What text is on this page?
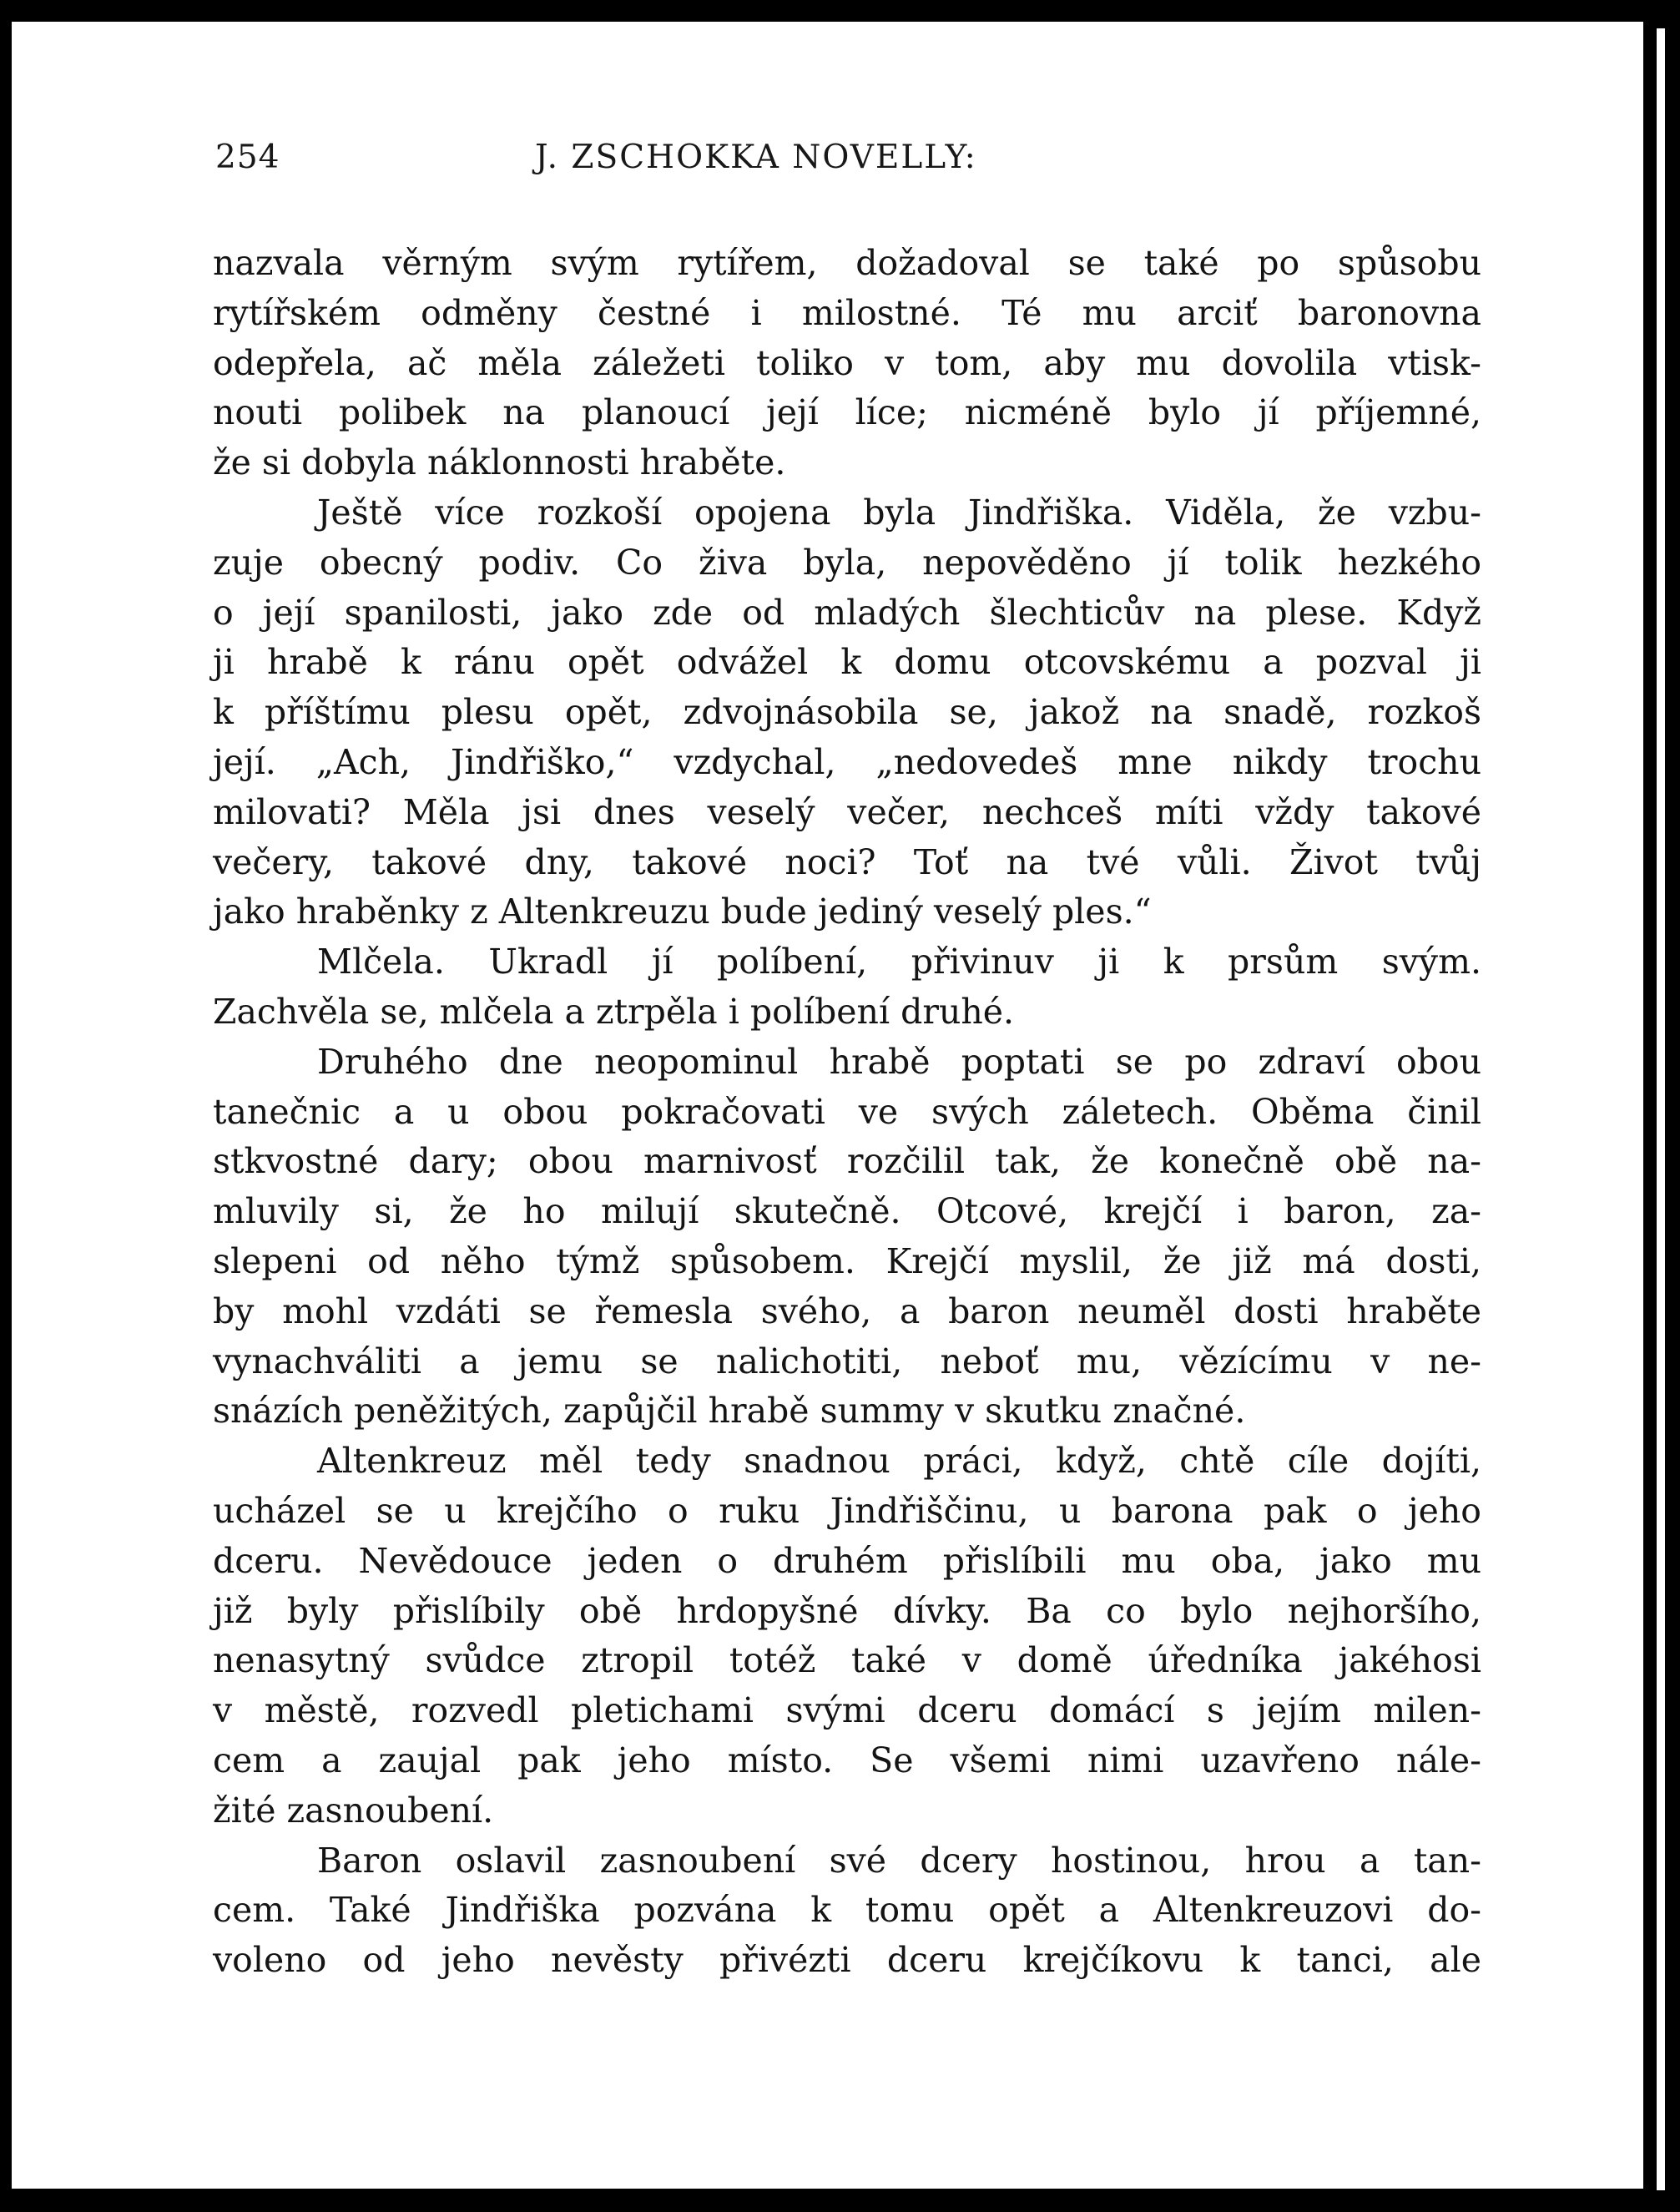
254	J. ZSCHOKKA NOVELLY:
nazvala věrným svým rytířem, dožadoval se také po spůsobu
rytířském odměny čestné i milostné. Té mu arciť baronovna
odepřela, ač měla záležeti toliko v tom, aby mu dovolila vtisk-
nouti polibek na planoucí její líce; nicméně bylo jí příjemné,
že si dobyla náklonnosti hraběte.
Ještě více rozkoší opojena byla Jindřiška. Viděla, že vzbu-
zuje obecný podiv. Co živa byla, nepověděno jí tolik hezkého
o její spanilosti, jako zde od mladých šlechticův na plese. Když
ji hrabě k ránu opět odvážel k domu otcovskému a pozval ji
k příštímu plesu opět, zdvojnásobila se, jakož na snadě, rozkoš
její. „Ach, Jindřiško,“ vzdychal, „nedovedeš mne nikdy trochu
milovati? Měla jsi dnes veselý večer, nechceš míti vždy takové
večery, takové dny, takové noci? Toť na tvé vůli. Život tvůj
jako hraběnky z Altenkreuzu bude jediný veselý ples.“
Mlčela. Ukradl jí políbení, přivinuv ji k prsům svým.
Zachvěla se, mlčela a ztrpěla i políbení druhé.
Druhého dne neopominul hrabě poptati se po zdraví obou
tanečnic a u obou pokračovati ve svých záletech. Oběma činil
stkvostné dary; obou marnivosť rozčilil tak, že konečně obě na-
mluvily si, že ho milují skutečně. Otcové, krejčí i baron, za-
slepeni od něho týmž spůsobem. Krejčí myslil, že již má dosti,
by mohl vzdáti se řemesla svého, a baron neuměl dosti hraběte
vynachváliti a jemu se nalichotiti, neboť mu, vězícímu v ne-
snázích peněžitých, zapůjčil hrabě summy v skutku značné.
Altenkreuz měl tedy snadnou práci, když, chtě cíle dojíti,
ucházel se u krejčího o ruku Jindřiščinu, u barona pak o jeho
dceru. Nevědouce jeden o druhém přislíbili mu oba, jako mu
již byly přislíbily obě hrdopyšné dívky. Ba co bylo nejhoršího,
nenasytný svůdce ztropil totéž také v domě úředníka jakéhosi
v městě, rozvedl pletichami svými dceru domácí s jejím milen-
cem a zaujal pak jeho místo. Se všemi nimi uzavřeno nále-
žité zasnoubení.
Baron oslavil zasnoubení své dcery hostinou, hrou a tan-
cem. Také Jindřiška pozvána k tomu opět a Altenkreuzovi do-
voleno od jeho nevěsty přivézti dceru krejčíkovu k tanci, ale
